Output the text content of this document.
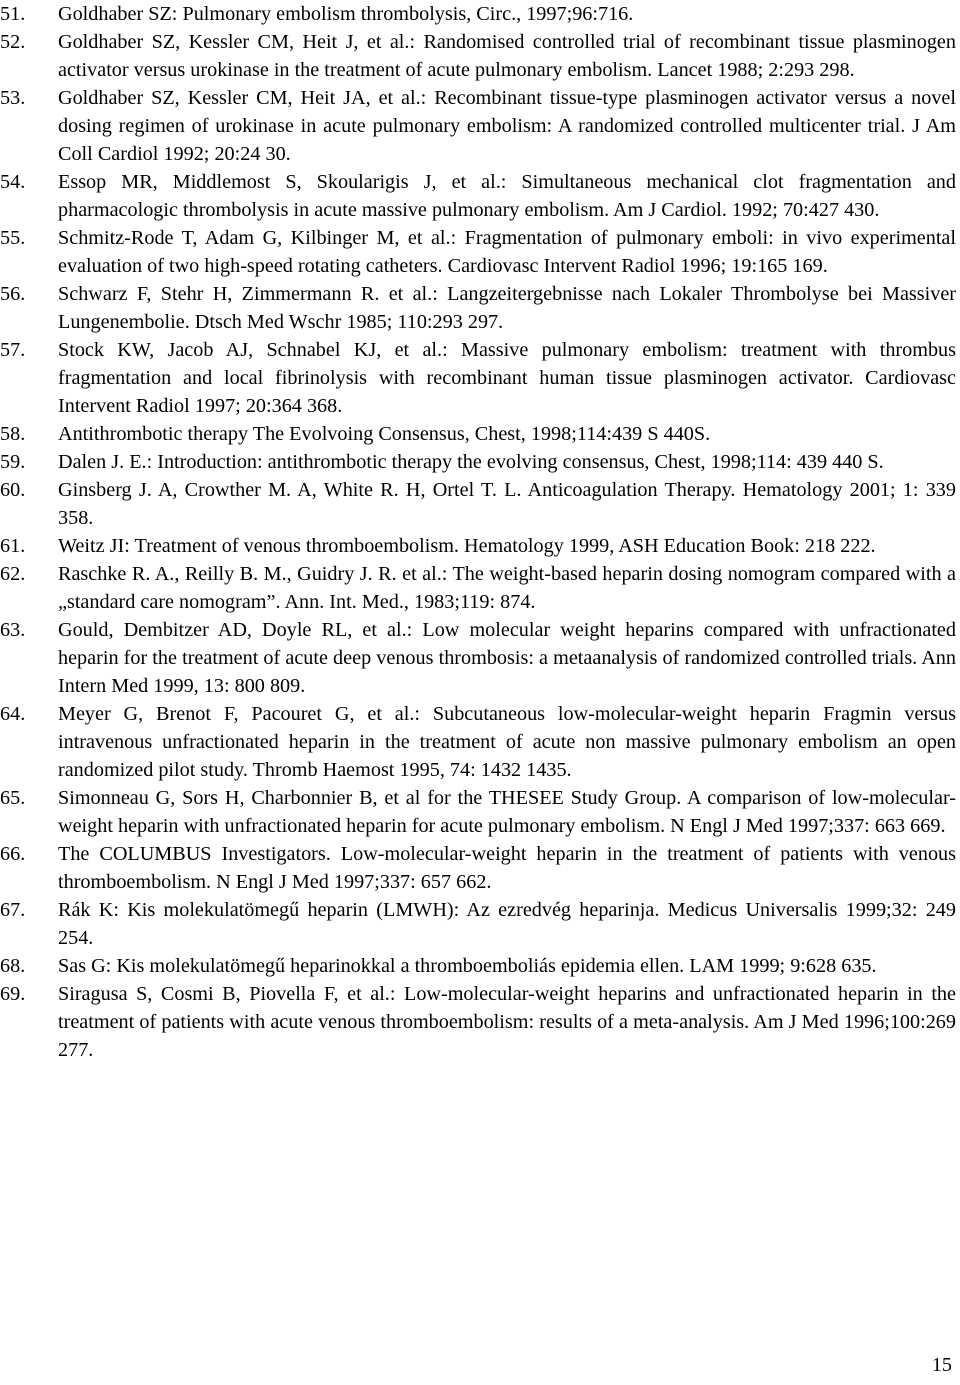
51.	Goldhaber SZ: Pulmonary embolism thrombolysis, Circ., 1997;96:716.
52.	Goldhaber SZ, Kessler CM, Heit J, et al.: Randomised controlled trial of recombinant tissue plasminogen activator versus urokinase in the treatment of acute pulmonary embolism. Lancet 1988; 2:293 298.
53.	Goldhaber SZ, Kessler CM, Heit JA, et al.: Recombinant tissue-type plasminogen activator versus a novel dosing regimen of urokinase in acute pulmonary embolism: A randomized controlled multicenter trial. J Am Coll Cardiol 1992; 20:24 30.
54.	Essop MR, Middlemost S, Skoularigis J, et al.: Simultaneous mechanical clot fragmentation and pharmacologic thrombolysis in acute massive pulmonary embolism. Am J Cardiol. 1992; 70:427 430.
55.	Schmitz-Rode T, Adam G, Kilbinger M, et al.: Fragmentation of pulmonary emboli: in vivo experimental evaluation of two high-speed rotating catheters. Cardiovasc Intervent Radiol 1996; 19:165 169.
56.	Schwarz F, Stehr H, Zimmermann R. et al.: Langzeitergebnisse nach Lokaler Thrombolyse bei Massiver Lungenembolie. Dtsch Med Wschr 1985; 110:293 297.
57.	Stock KW, Jacob AJ, Schnabel KJ, et al.: Massive pulmonary embolism: treatment with thrombus fragmentation and local fibrinolysis with recombinant human tissue plasminogen activator. Cardiovasc Intervent Radiol 1997; 20:364 368.
58.	Antithrombotic therapy The Evolvoing Consensus, Chest, 1998;114:439 S 440S.
59.	Dalen J. E.: Introduction: antithrombotic therapy the evolving consensus, Chest, 1998;114: 439 440 S.
60.	Ginsberg J. A, Crowther M. A, White R. H, Ortel T. L. Anticoagulation Therapy. Hematology 2001; 1: 339 358.
61.	Weitz JI: Treatment of venous thromboembolism. Hematology 1999, ASH Education Book: 218 222.
62.	Raschke R. A., Reilly B. M., Guidry J. R. et al.: The weight-based heparin dosing nomogram compared with a „standard care nomogram”. Ann. Int. Med., 1983;119: 874.
63.	Gould, Dembitzer AD, Doyle RL, et al.: Low molecular weight heparins compared with unfractionated heparin for the treatment of acute deep venous thrombosis: a metaanalysis of randomized controlled trials. Ann Intern Med 1999, 13: 800 809.
64.	Meyer G, Brenot F, Pacouret G, et al.: Subcutaneous low-molecular-weight heparin Fragmin versus intravenous unfractionated heparin in the treatment of acute non massive pulmonary embolism an open randomized pilot study. Thromb Haemost 1995, 74: 1432 1435.
65.	Simonneau G, Sors H, Charbonnier B, et al for the THESEE Study Group. A comparison of low-molecular-weight heparin with unfractionated heparin for acute pulmonary embolism. N Engl J Med 1997;337: 663 669.
66.	The COLUMBUS Investigators. Low-molecular-weight heparin in the treatment of patients with venous thromboembolism. N Engl J Med 1997;337: 657 662.
67.	Rák K: Kis molekulatömegű heparin (LMWH): Az ezredvég heparinja. Medicus Universalis 1999;32: 249 254.
68.	Sas G: Kis molekulatömegű heparinokkal a thromboemboliás epidemia ellen. LAM 1999; 9:628 635.
69.	Siragusa S, Cosmi B, Piovella F, et al.: Low-molecular-weight heparins and unfractionated heparin in the treatment of patients with acute venous thromboembolism: results of a meta-analysis. Am J Med 1996;100:269 277.
15
